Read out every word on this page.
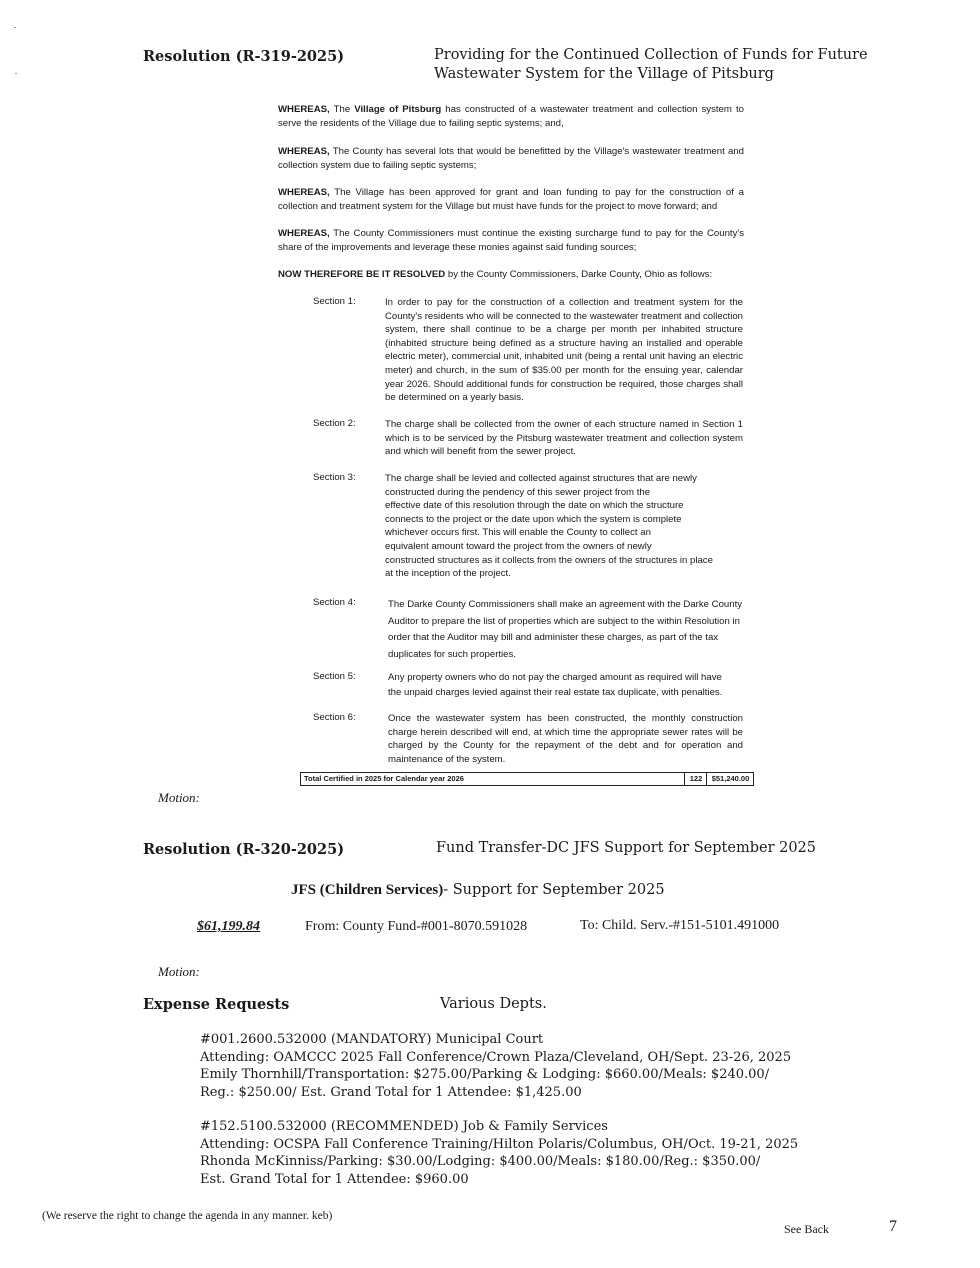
Resolution (R-319-2025)	Providing for the Continued Collection of Funds for Future Wastewater System for the Village of Pitsburg
WHEREAS, The Village of Pitsburg has constructed of a wastewater treatment and collection system to serve the residents of the Village due to failing septic systems; and,
WHEREAS, The County has several lots that would be benefitted by the Village's wastewater treatment and collection system due to failing septic systems;
WHEREAS, The Village has been approved for grant and loan funding to pay for the construction of a collection and treatment system for the Village but must have funds for the project to move forward; and
WHEREAS, The County Commissioners must continue the existing surcharge fund to pay for the County's share of the improvements and leverage these monies against said funding sources;
NOW THEREFORE BE IT RESOLVED by the County Commissioners, Darke County, Ohio as follows:
Section 1:	In order to pay for the construction of a collection and treatment system for the County's residents who will be connected to the wastewater treatment and collection system, there shall continue to be a charge per month per inhabited structure (inhabited structure being defined as a structure having an installed and operable electric meter), commercial unit, inhabited unit (being a rental unit having an electric meter) and church, in the sum of $35.00 per month for the ensuing year, calendar year 2026. Should additional funds for construction be required, those charges shall be determined on a yearly basis.
Section 2:	The charge shall be collected from the owner of each structure named in Section 1 which is to be serviced by the Pitsburg wastewater treatment and collection system and which will benefit from the sewer project.
Section 3:	The charge shall be levied and collected against structures that are newly
constructed during the pendency of this sewer project from the
effective date of this resolution through the date on which the structure
connects to the project or the date upon which the system is complete
whichever occurs first. This will enable the County to collect an
equivalent amount toward the project from the owners of newly
constructed structures as it collects from the owners of the structures in place
at the inception of the project.
Section 4:	The Darke County Commissioners shall make an agreement with the Darke County
Auditor to prepare the list of properties which are subject to the within Resolution in
order that the Auditor may bill and administer these charges, as part of the tax
duplicates for such properties.
Section 5:	Any property owners who do not pay the charged amount as required will have
the unpaid charges levied against their real estate tax duplicate, with penalties.
Section 6:	Once the wastewater system has been constructed, the monthly construction charge herein described will end, at which time the appropriate sewer rates will be charged by the County for the repayment of the debt and for operation and maintenance of the system.
Total Certified in 2025 for Calendar year 2026	122	$51,240.00
Motion:
Resolution (R-320-2025)	Fund Transfer-DC JFS Support for September 2025
JFS (Children Services)- Support for September 2025
$61,199.84	From: County Fund-#001-8070.591028	To: Child. Serv.-#151-5101.491000
Motion:
Expense Requests	Various Depts.
#001.2600.532000 (MANDATORY) Municipal Court
Attending: OAMCCC 2025 Fall Conference/Crown Plaza/Cleveland, OH/Sept. 23-26, 2025
Emily Thornhill/Transportation: $275.00/Parking & Lodging: $660.00/Meals: $240.00/
Reg.: $250.00/ Est. Grand Total for 1 Attendee: $1,425.00
#152.5100.532000 (RECOMMENDED) Job & Family Services
Attending: OCSPA Fall Conference Training/Hilton Polaris/Columbus, OH/Oct. 19-21, 2025
Rhonda McKinniss/Parking: $30.00/Lodging: $400.00/Meals: $180.00/Reg.: $350.00/
Est. Grand Total for 1 Attendee: $960.00
(We reserve the right to change the agenda in any manner. keb)
See Back	7
